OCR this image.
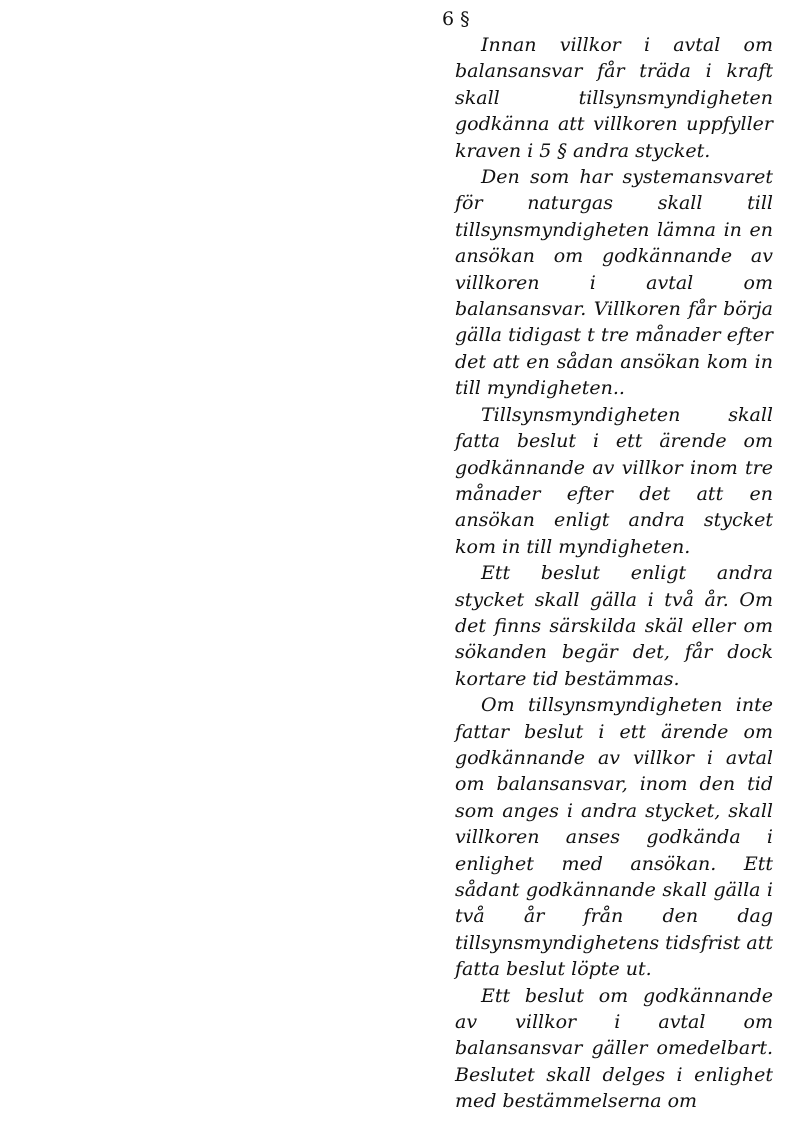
6 §

Innan villkor i avtal om balansansvar får träda i kraft skall tillsynsmyndigheten godkänna att villkoren uppfyller kraven i 5 § andra stycket.

Den som har systemansvaret för naturgas skall till tillsynsmyndigheten lämna in en ansökan om godkännande av villkoren i avtal om balansansvar. Villkoren får börja gälla tidigast t tre månader efter det att en sådan ansökan kom in till myndigheten..

Tillsynsmyndigheten skall fatta beslut i ett ärende om godkännande av villkor inom tre månader efter det att en ansökan enligt andra stycket kom in till myndigheten.

Ett beslut enligt andra stycket skall gälla i två år. Om det finns särskilda skäl eller om sökanden begär det, får dock kortare tid bestämmas.

Om tillsynsmyndigheten inte fattar beslut i ett ärende om godkännande av villkor i avtal om balansansvar, inom den tid som anges i andra stycket, skall villkoren anses godkända i enlighet med ansökan. Ett sådant godkännande skall gälla i två år från den dag tillsynsmyndighetens tidsfrist att fatta beslut löpte ut.

Ett beslut om godkännande av villkor i avtal om balansansvar gäller omedelbart. Beslutet skall delges i enlighet med bestämmelserna om
